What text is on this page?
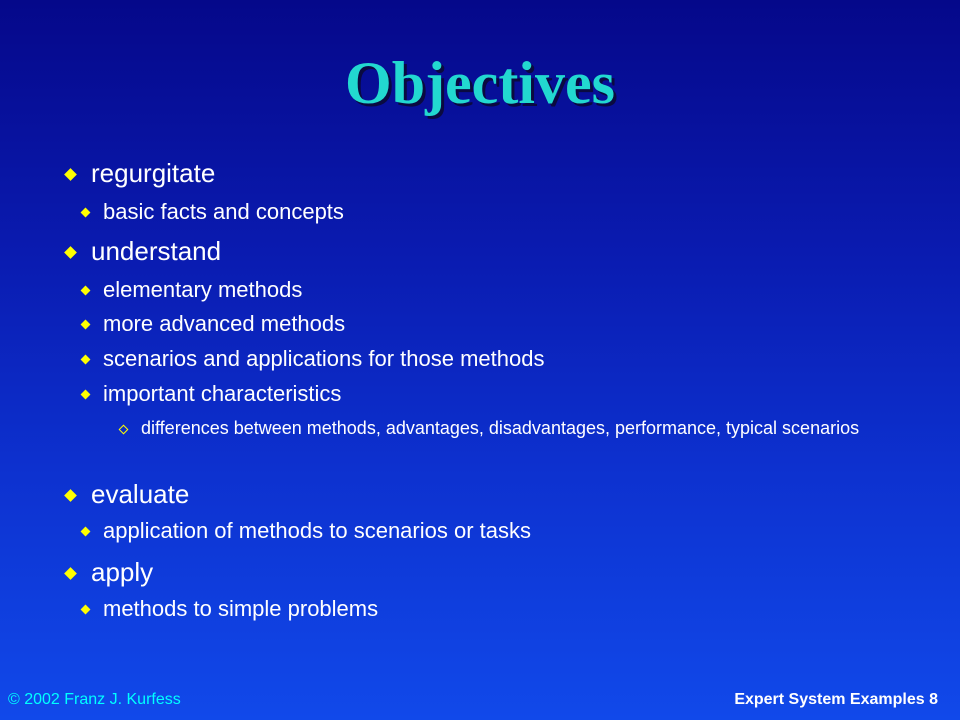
Objectives
regurgitate
basic facts and concepts
understand
elementary methods
more advanced methods
scenarios and applications for those methods
important characteristics
differences between methods, advantages, disadvantages, performance, typical scenarios
evaluate
application of methods to scenarios or tasks
apply
methods to simple problems
© 2002 Franz J. Kurfess	Expert System Examples 8
